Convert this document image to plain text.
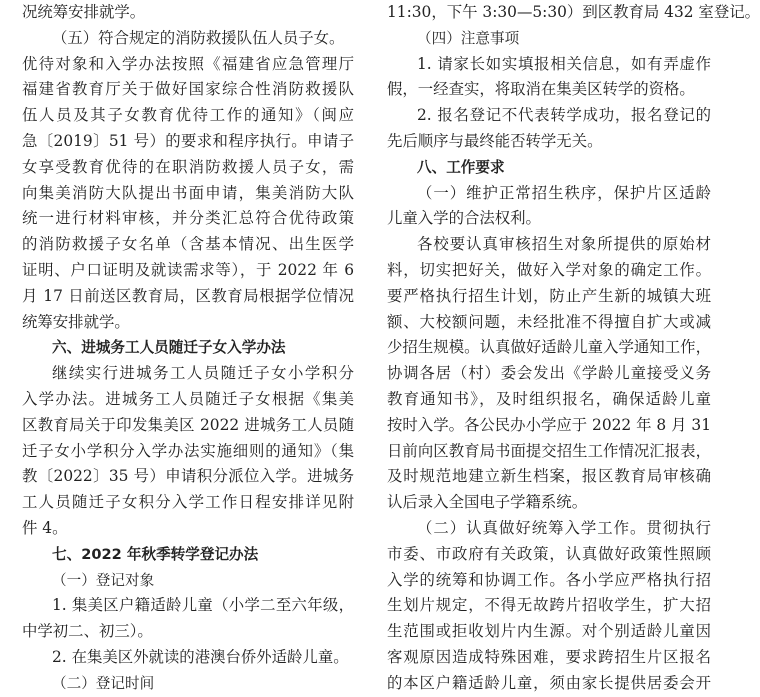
况统筹安排就学。
（五）符合规定的消防救援队伍人员子女。
优待对象和入学办法按照《福建省应急管理厅
福建省教育厅关于做好国家综合性消防救援队
伍人员及其子女教育优待工作的通知》（闽应
急〔2019〕51 号）的要求和程序执行。申请子
女享受教育优待的在职消防救援人员子女，需
向集美消防大队提出书面申请，集美消防大队
统一进行材料审核，并分类汇总符合优待政策
的消防救援子女名单（含基本情况、出生医学
证明、户口证明及就读需求等），于 2022 年 6
月 17 日前送区教育局，区教育局根据学位情况
统筹安排就学。
六、进城务工人员随迁子女入学办法
继续实行进城务工人员随迁子女小学积分
入学办法。进城务工人员随迁子女根据《集美
区教育局关于印发集美区 2022 进城务工人员随
迁子女小学积分入学办法实施细则的通知》（集
教〔2022〕35 号）申请积分派位入学。进城务
工人员随迁子女积分入学工作日程安排详见附
件 4。
七、2022 年秋季转学登记办法
（一）登记对象
1. 集美区户籍适龄儿童（小学二至六年级，
中学初二、初三）。
2. 在集美区外就读的港澳台侨外适龄儿童。
（二）登记时间
11:30，下午 3:30—5:30）到区教育局 432 室登记。
（四）注意事项
1. 请家长如实填报相关信息，如有弄虚作
假，一经查实，将取消在集美区转学的资格。
2. 报名登记不代表转学成功，报名登记的
先后顺序与最终能否转学无关。
八、工作要求
（一）维护正常招生秩序，保护片区适龄
儿童入学的合法权利。
各校要认真审核招生对象所提供的原始材
料，切实把好关，做好入学对象的确定工作。
要严格执行招生计划，防止产生新的城镇大班
额、大校额问题，未经批准不得擅自扩大或减
少招生规模。认真做好适龄儿童入学通知工作，
协调各居（村）委会发出《学龄儿童接受义务
教育通知书》，及时组织报名，确保适龄儿童
按时入学。各公民办小学应于 2022 年 8 月 31
日前向区教育局书面提交招生工作情况汇报表，
及时规范地建立新生档案，报区教育局审核确
认后录入全国电子学籍系统。
（二）认真做好统筹入学工作。贯彻执行
市委、市政府有关政策，认真做好政策性照顾
入学的统筹和协调工作。各小学应严格执行招
生划片规定，不得无故跨片招收学生，扩大招
生范围或拒收划片内生源。对个别适龄儿童因
客观原因造成特殊困难，要求跨招生片区报名
的本区户籍适龄儿童，须由家长提供居委会开
